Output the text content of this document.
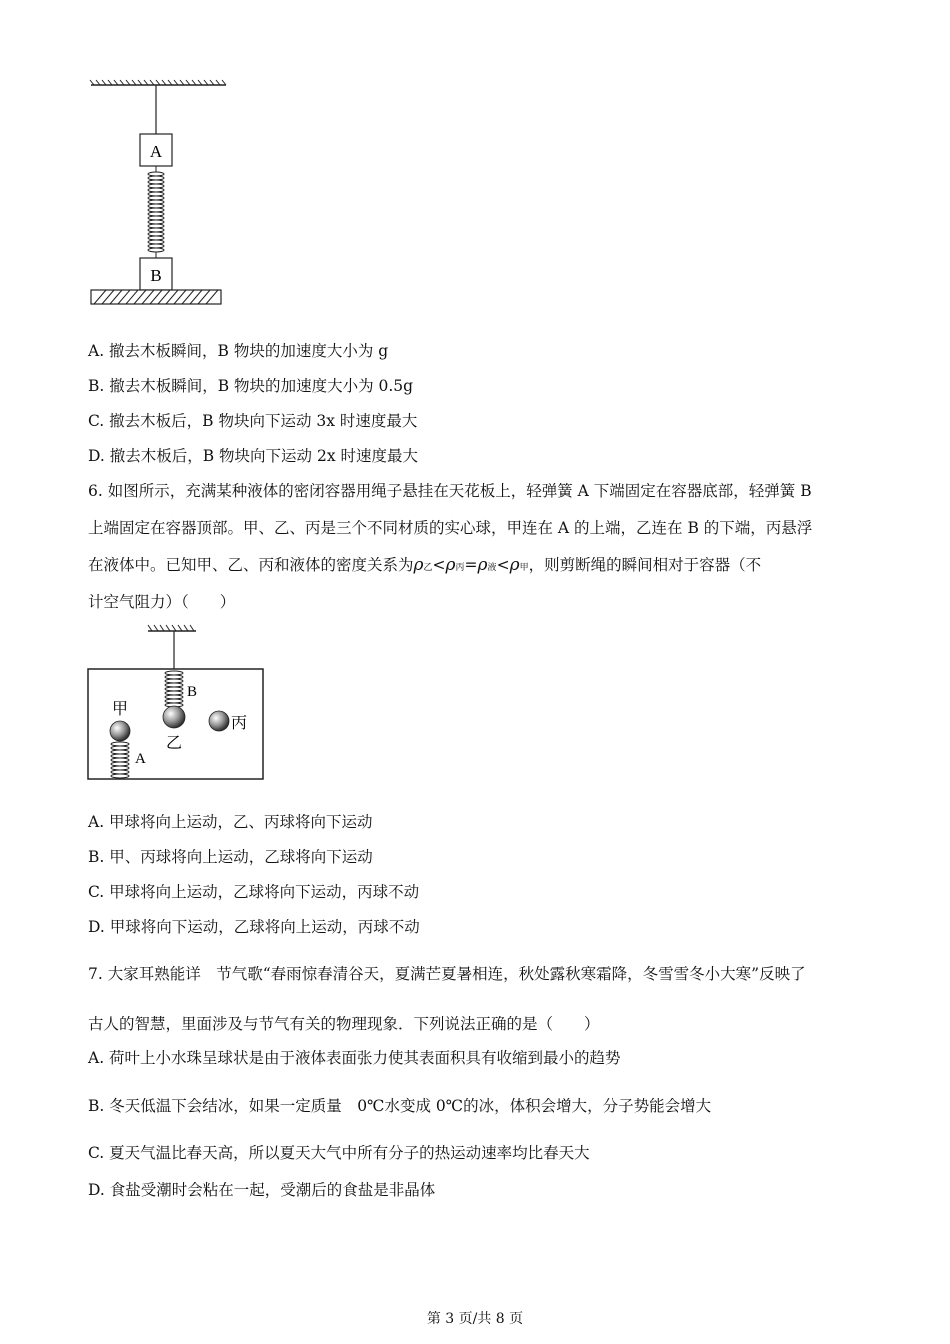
A
B
A. 撤去木板瞬间，B 物块的加速度大小为 g
B. 撤去木板瞬间，B 物块的加速度大小为 0.5g
C. 撤去木板后，B 物块向下运动 3x 时速度最大
D. 撤去木板后，B 物块向下运动 2x 时速度最大
6. 如图所示，充满某种液体的密闭容器用绳子悬挂在天花板上，轻弹簧 A 下端固定在容器底部，轻弹簧 B
上端固定在容器顶部。甲、乙、丙是三个不同材质的实心球，甲连在 A 的上端，乙连在 B 的下端，丙悬浮
在液体中。已知甲、乙、丙和液体的密度关系为ρ乙<ρ丙=ρ液<ρ甲，则剪断绳的瞬间相对于容器（不
计空气阻力）（　　）
甲
乙
丙
A
B
A. 甲球将向上运动，乙、丙球将向下运动
B. 甲、丙球将向上运动，乙球将向下运动
C. 甲球将向上运动，乙球将向下运动，丙球不动
D. 甲球将向下运动，乙球将向上运动，丙球不动
7. 大家耳熟能详　节气歌“春雨惊春清谷天，夏满芒夏暑相连，秋处露秋寒霜降，冬雪雪冬小大寒”反映了
古人的智慧，里面涉及与节气有关的物理现象．下列说法正确的是（　　）
A. 荷叶上小水珠呈球状是由于液体表面张力使其表面积具有收缩到最小的趋势
B. 冬天低温下会结冰，如果一定质量　0℃水变成 0℃的冰，体积会增大，分子势能会增大
C. 夏天气温比春天高，所以夏天大气中所有分子的热运动速率均比春天大
D. 食盐受潮时会粘在一起，受潮后的食盐是非晶体
第 3 页/共 8 页
